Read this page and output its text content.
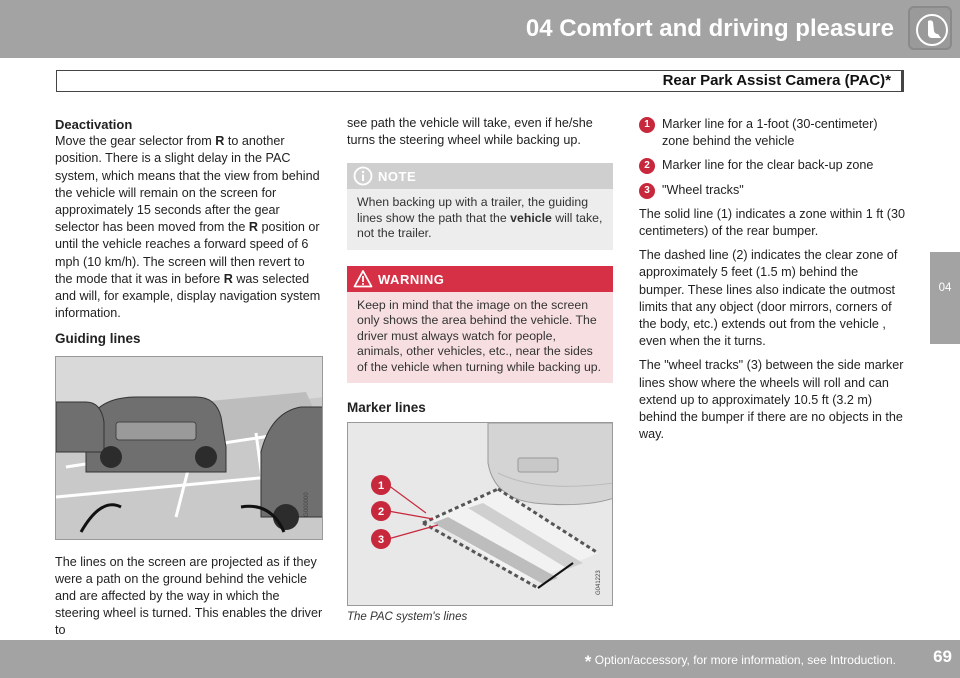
04 Comfort and driving pleasure
Rear Park Assist Camera (PAC)*
Deactivation

Move the gear selector from R to another position. There is a slight delay in the PAC system, which means that the view from behind the vehicle will remain on the screen for approximately 15 seconds after the gear selector has been moved from the R position or until the vehicle reaches a forward speed of 6 mph (10 km/h). The screen will then revert to the mode that it was in before R was selected and will, for example, display navigation system information.

Guiding lines
G000000

The lines on the screen are projected as if they were a path on the ground behind the vehicle and are affected by the way in which the steering wheel is turned. This enables the driver to

see path the vehicle will take, even if he/she turns the steering wheel while backing up.

NOTE
When backing up with a trailer, the guiding lines show the path that the vehicle will take, not the trailer.
WARNING
Keep in mind that the image on the screen only shows the area behind the vehicle. The driver must always watch for people, animals, other vehicles, etc., near the sides of the vehicle when turning while backing up.
Marker lines
1
2
3
G041223
The PAC system's lines
1 Marker line for a 1-foot (30-centimeter) zone behind the vehicle
2 Marker line for the clear back-up zone
3 "Wheel tracks"

The solid line (1) indicates a zone within 1 ft (30 centimeters) of the rear bumper.

The dashed line (2) indicates the clear zone of approximately 5 feet (1.5 m) behind the bumper. These lines also indicate the outmost limits that any object (door mirrors, corners of the body, etc.) extends out from the vehicle , even when the it turns.

The "wheel tracks" (3) between the side marker lines show where the wheels will roll and can extend up to approximately 10.5 ft (3.2 m) behind the bumper if there are no objects in the way.

04
* Option/accessory, for more information, see Introduction. 69
